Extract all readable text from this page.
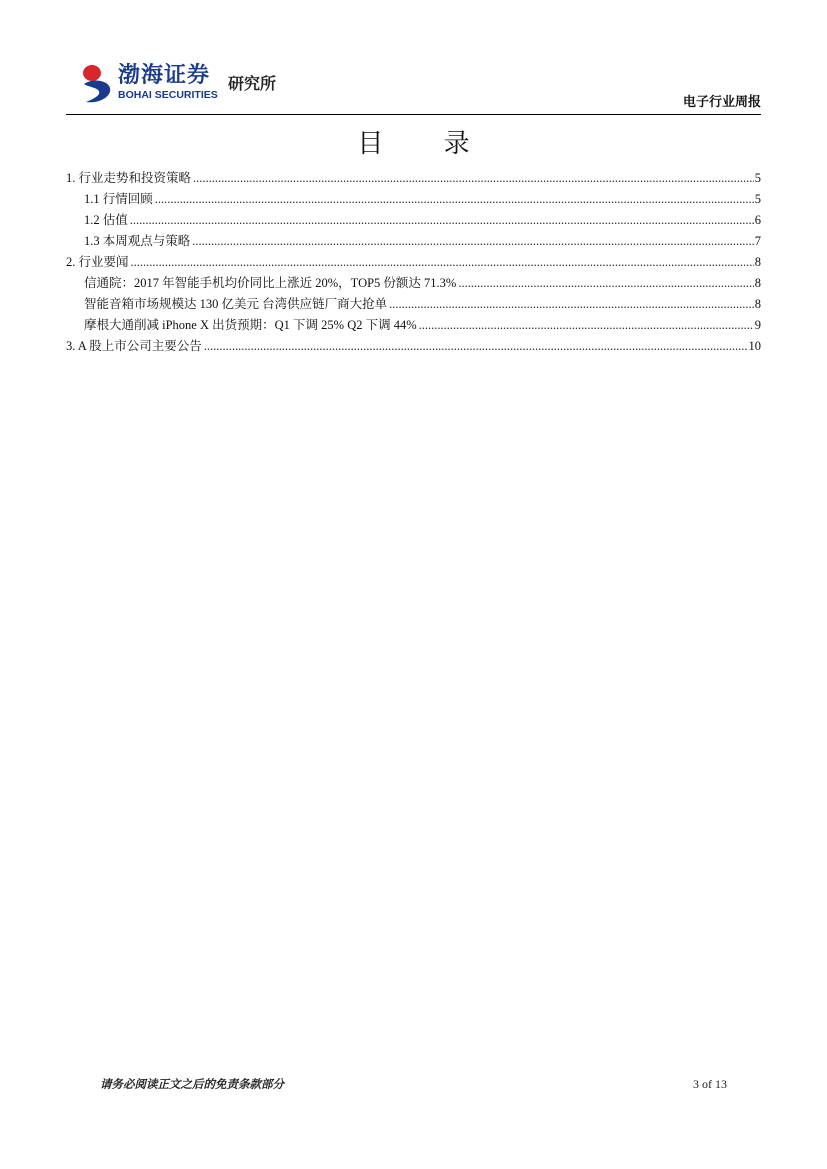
渤海证券
BOHAI SECURITIES
研究所
电子行业周报
目 录
1. 行业走势和投资策略 .....	5
1.1 行情回顾 .....	5
1.2 估值 .....	6
1.3 本周观点与策略 .....	7
2. 行业要闻 .....	8
信通院：2017 年智能手机均价同比上涨近 20%，TOP5 份额达 71.3% .....	8
智能音箱市场规模达 130 亿美元 台湾供应链厂商大抢单 .....	8
摩根大通削减 iPhone X 出货预期：Q1 下调 25% Q2 下调 44% .....	9
3. A 股上市公司主要公告 .....	10
请务必阅读正文之后的免责条款部分	3 of 13
